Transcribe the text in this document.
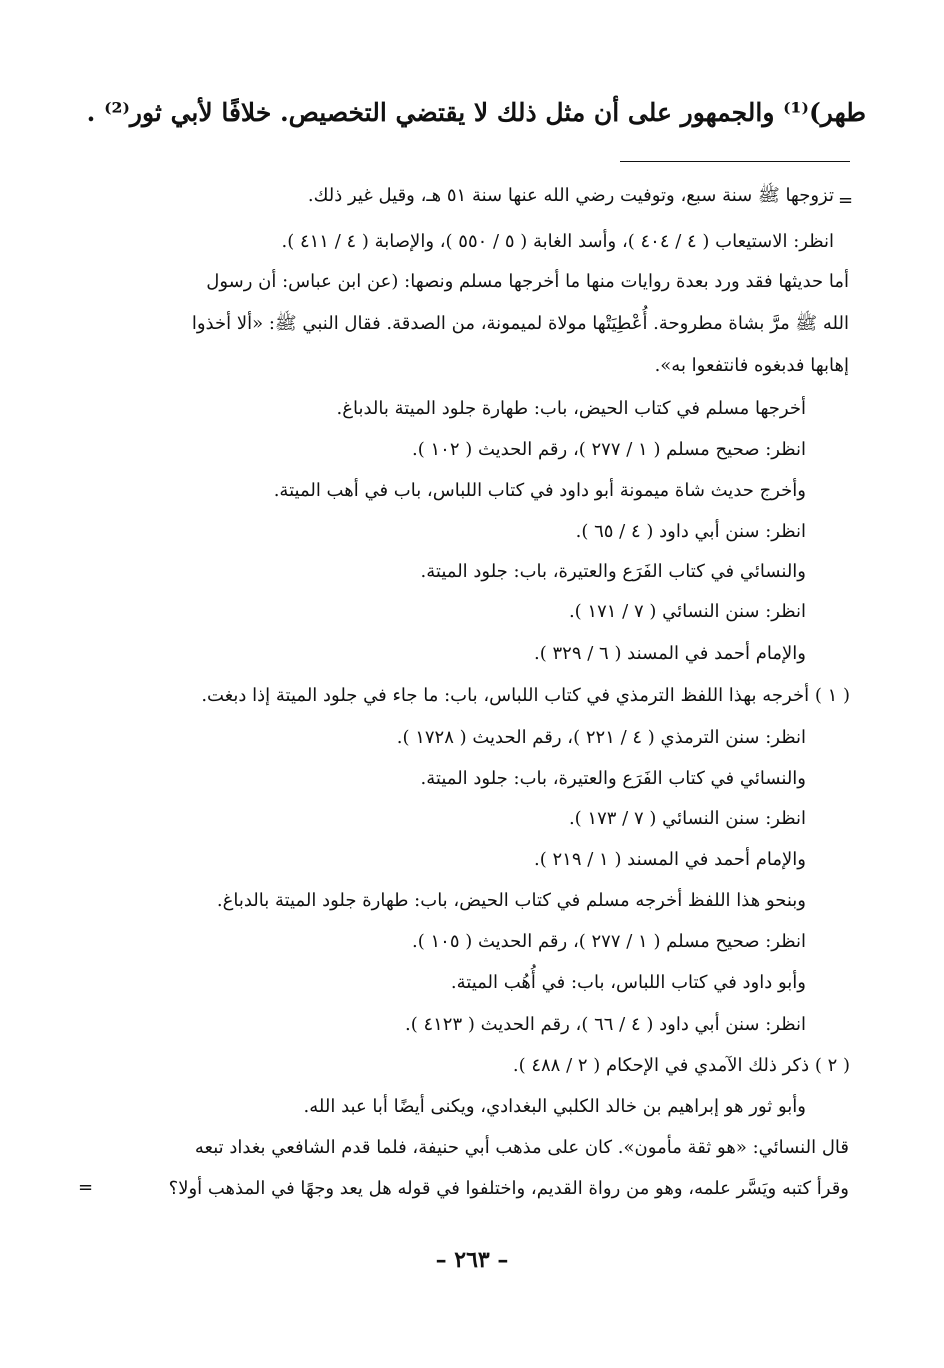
طهر)⁽¹⁾ والجمهور على أن مثل ذلك لا يقتضي التخصيص. خلافًا لأبي ثور⁽²⁾ .
=
تزوجها ﷺ سنة سبع، وتوفيت رضي الله عنها سنة ٥١ هـ، وقيل غير ذلك.
انظر: الاستيعاب ( ٤ / ٤٠٤ )، وأسد الغابة ( ٥ / ٥٥٠ )، والإصابة ( ٤ / ٤١١ ).
أما حديثها فقد ورد بعدة روايات منها ما أخرجها مسلم ونصها: (عن ابن عباس: أن رسول
الله ﷺ مرَّ بشاة مطروحة. أُعْطِيَتْها مولاة لميمونة، من الصدقة. فقال النبي ﷺ: «ألا أخذوا
إهابها فدبغوه فانتفعوا به».
أخرجها مسلم في كتاب الحيض، باب: طهارة جلود الميتة بالدباغ.
انظر: صحيح مسلم ( ١ / ٢٧٧ )، رقم الحديث ( ١٠٢ ).
وأخرج حديث شاة ميمونة أبو داود في كتاب اللباس، باب في أهب الميتة.
انظر: سنن أبي داود ( ٤ / ٦٥ ).
والنسائي في كتاب الفَرَع والعتيرة، باب: جلود الميتة.
انظر: سنن النسائي ( ٧ / ١٧١ ).
والإمام أحمد في المسند ( ٦ / ٣٢٩ ).
( ١ ) أخرجه بهذا اللفظ الترمذي في كتاب اللباس، باب: ما جاء في جلود الميتة إذا دبغت.
انظر: سنن الترمذي ( ٤ / ٢٢١ )، رقم الحديث ( ١٧٢٨ ).
والنسائي في كتاب الفَرَع والعتيرة، باب: جلود الميتة.
انظر: سنن النسائي ( ٧ / ١٧٣ ).
والإمام أحمد في المسند ( ١ / ٢١٩ ).
وبنحو هذا اللفظ أخرجه مسلم في كتاب الحيض، باب: طهارة جلود الميتة بالدباغ.
انظر: صحيح مسلم ( ١ / ٢٧٧ )، رقم الحديث ( ١٠٥ ).
وأبو داود في كتاب اللباس، باب: في أُهُب الميتة.
انظر: سنن أبي داود ( ٤ / ٦٦ )، رقم الحديث ( ٤١٢٣ ).
( ٢ ) ذكر ذلك الآمدي في الإحكام ( ٢ / ٤٨٨ ).
وأبو ثور هو إبراهيم بن خالد الكلبي البغدادي، ويكنى أيضًا أبا عبد الله.
قال النسائي: «هو ثقة مأمون». كان على مذهب أبي حنيفة، فلما قدم الشافعي بغداد تبعه
وقرأ كتبه ويَسَّر علمه، وهو من رواة القديم، واختلفوا في قوله هل يعد وجهًا في المذهب أولا؟
=
– ٢٦٣ –
